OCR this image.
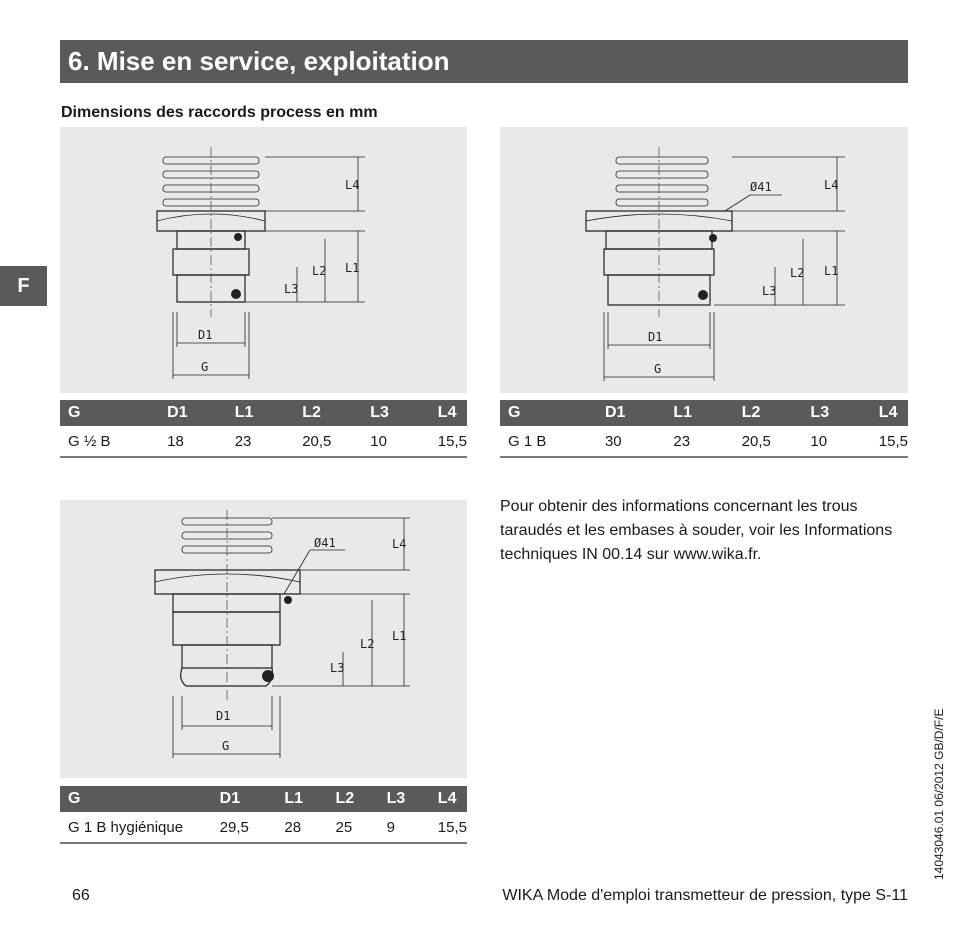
6. Mise en service, exploitation
F
Dimensions des raccords process en mm
L4
L1
L2
L3
D1
G
G	D1	L1	L2	L3	L4
G ½ B	18	23	20,5	10	15,5
Ø41	L4
L1
L2
L3
D1
G
G	D1	L1	L2	L3	L4
G 1 B	30	23	20,5	10	15,5
Ø41	L4
L1
L2
L3
D1
G
G	D1	L1	L2	L3	L4
G 1 B hygiénique	29,5	28	25	9	15,5
Pour obtenir des informations concernant les trous taraudés et les embases à souder, voir les Informations techniques IN 00.14 sur www.wika.fr.
66	WIKA Mode d'emploi transmetteur de pression, type S-11
14043046.01 06/2012 GB/D/F/E
